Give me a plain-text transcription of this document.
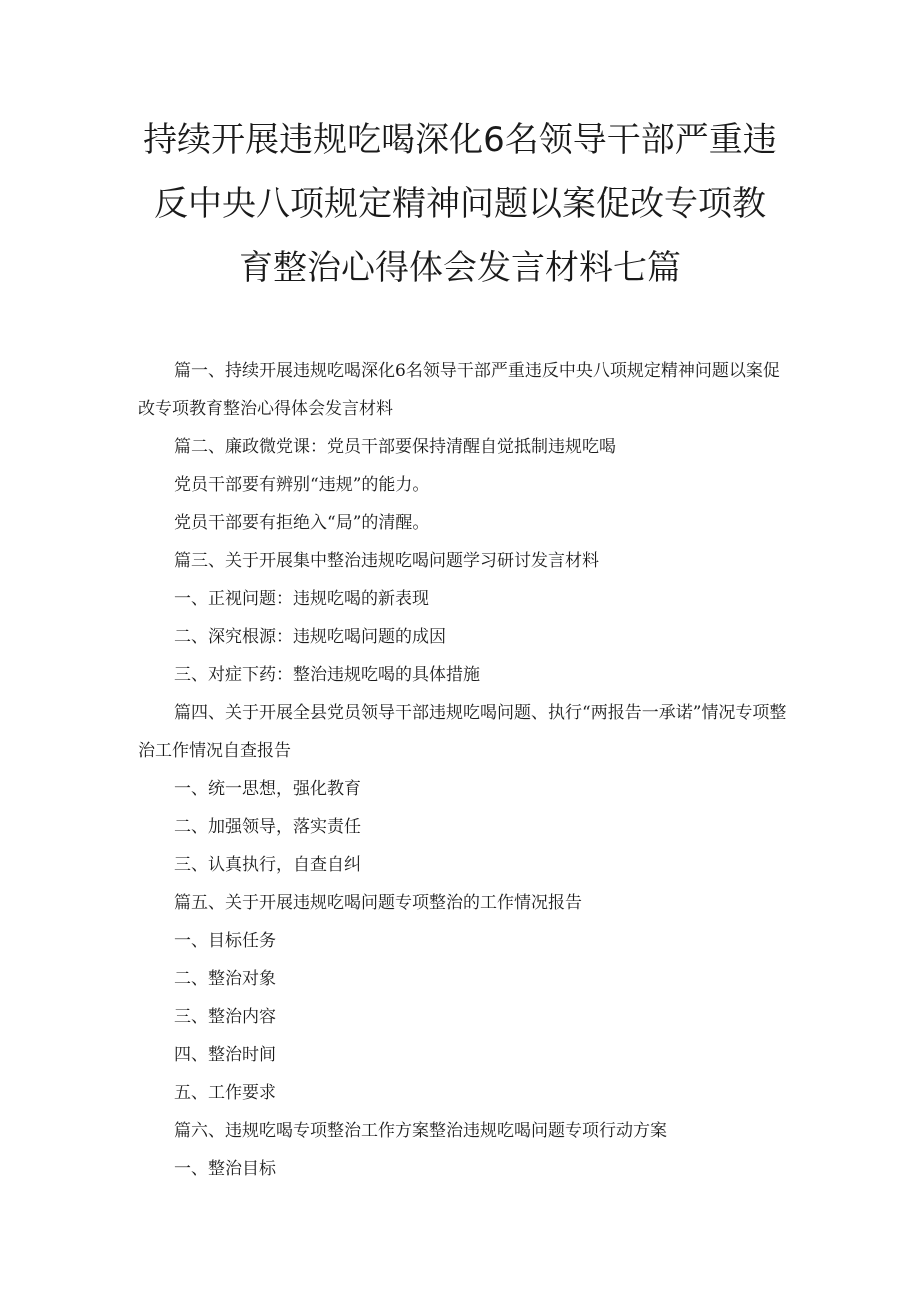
持续开展违规吃喝深化6名领导干部严重违
反中央八项规定精神问题以案促改专项教
育整治心得体会发言材料七篇
篇一、持续开展违规吃喝深化6名领导干部严重违反中央八项规定精神问题以案促改专项教育整治心得体会发言材料
篇二、廉政微党课：党员干部要保持清醒自觉抵制违规吃喝
党员干部要有辨别“违规”的能力。
党员干部要有拒绝入“局”的清醒。
篇三、关于开展集中整治违规吃喝问题学习研讨发言材料
一、正视问题：违规吃喝的新表现
二、深究根源：违规吃喝问题的成因
三、对症下药：整治违规吃喝的具体措施
篇四、关于开展全县党员领导干部违规吃喝问题、执行“两报告一承诺”情况专项整治工作情况自查报告
一、统一思想，强化教育
二、加强领导，落实责任
三、认真执行，自查自纠
篇五、关于开展违规吃喝问题专项整治的工作情况报告
一、目标任务
二、整治对象
三、整治内容
四、整治时间
五、工作要求
篇六、违规吃喝专项整治工作方案整治违规吃喝问题专项行动方案
一、整治目标
